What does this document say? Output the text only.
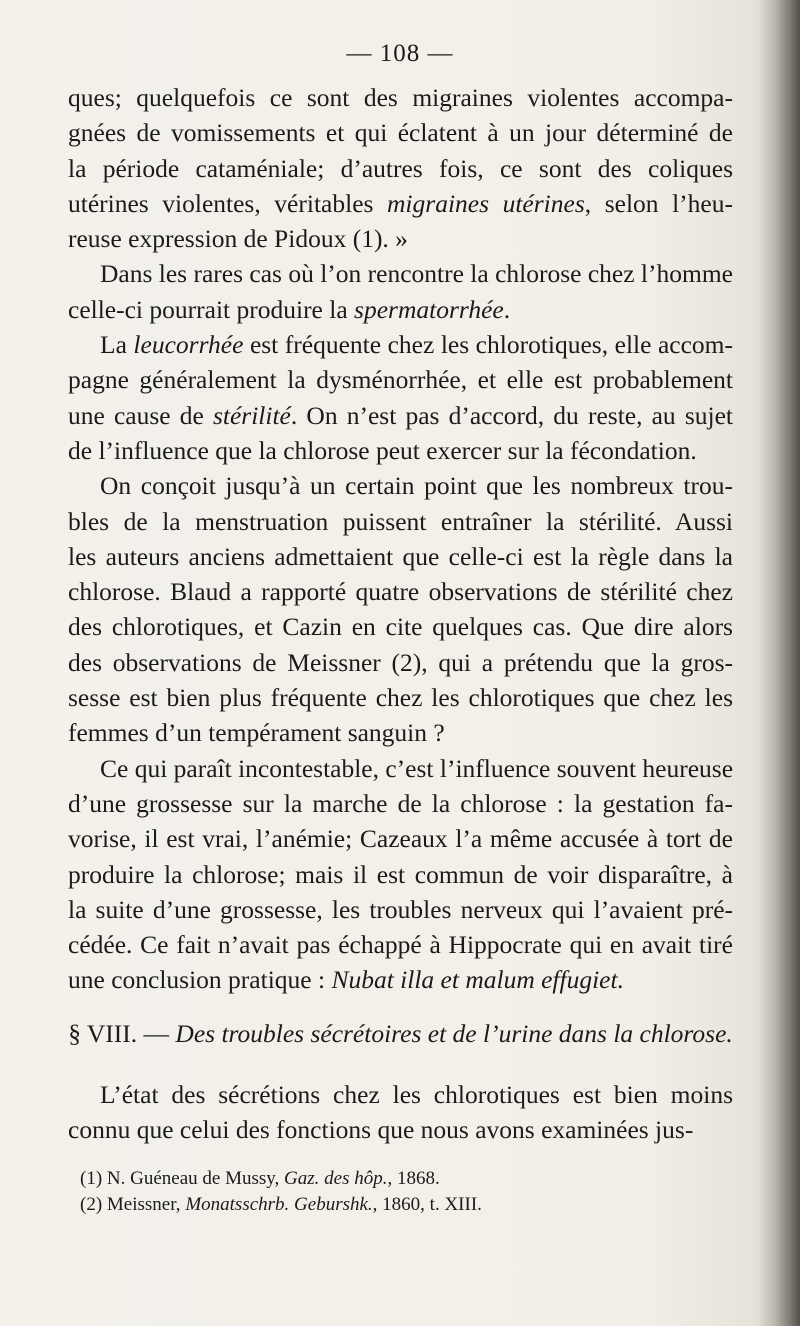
— 108 —
ques; quelquefois ce sont des migraines violentes accompa-
gnées de vomissements et qui éclatent à un jour déterminé de
la période cataméniale; d’autres fois, ce sont des coliques
utérines violentes, véritables migraines utérines, selon l’heu-
reuse expression de Pidoux (1). »
Dans les rares cas où l’on rencontre la chlorose chez l’homme
celle-ci pourrait produire la spermatorrhée.
La leucorrhée est fréquente chez les chlorotiques, elle accom-
pagne généralement la dysménorrhée, et elle est probablement
une cause de stérilité. On n’est pas d’accord, du reste, au sujet
de l’influence que la chlorose peut exercer sur la fécondation.
On conçoit jusqu’à un certain point que les nombreux trou-
bles de la menstruation puissent entraîner la stérilité. Aussi
les auteurs anciens admettaient que celle-ci est la règle dans la
chlorose. Blaud a rapporté quatre observations de stérilité chez
des chlorotiques, et Cazin en cite quelques cas. Que dire alors
des observations de Meissner (2), qui a prétendu que la gros-
sesse est bien plus fréquente chez les chlorotiques que chez les
femmes d’un tempérament sanguin ?
Ce qui paraît incontestable, c’est l’influence souvent heureuse
d’une grossesse sur la marche de la chlorose : la gestation fa-
vorise, il est vrai, l’anémie; Cazeaux l’a même accusée à tort de
produire la chlorose; mais il est commun de voir disparaître, à
la suite d’une grossesse, les troubles nerveux qui l’avaient pré-
cédée. Ce fait n’avait pas échappé à Hippocrate qui en avait tiré
une conclusion pratique : Nubat illa et malum effugiet.
§ VIII. — Des troubles sécrétoires et de l’urine dans la chlorose.
L’état des sécrétions chez les chlorotiques est bien moins
connu que celui des fonctions que nous avons examinées jus-
(1) N. Guéneau de Mussy, Gaz. des hôp., 1868.
(2) Meissner, Monatsschrb. Geburshk., 1860, t. XIII.
